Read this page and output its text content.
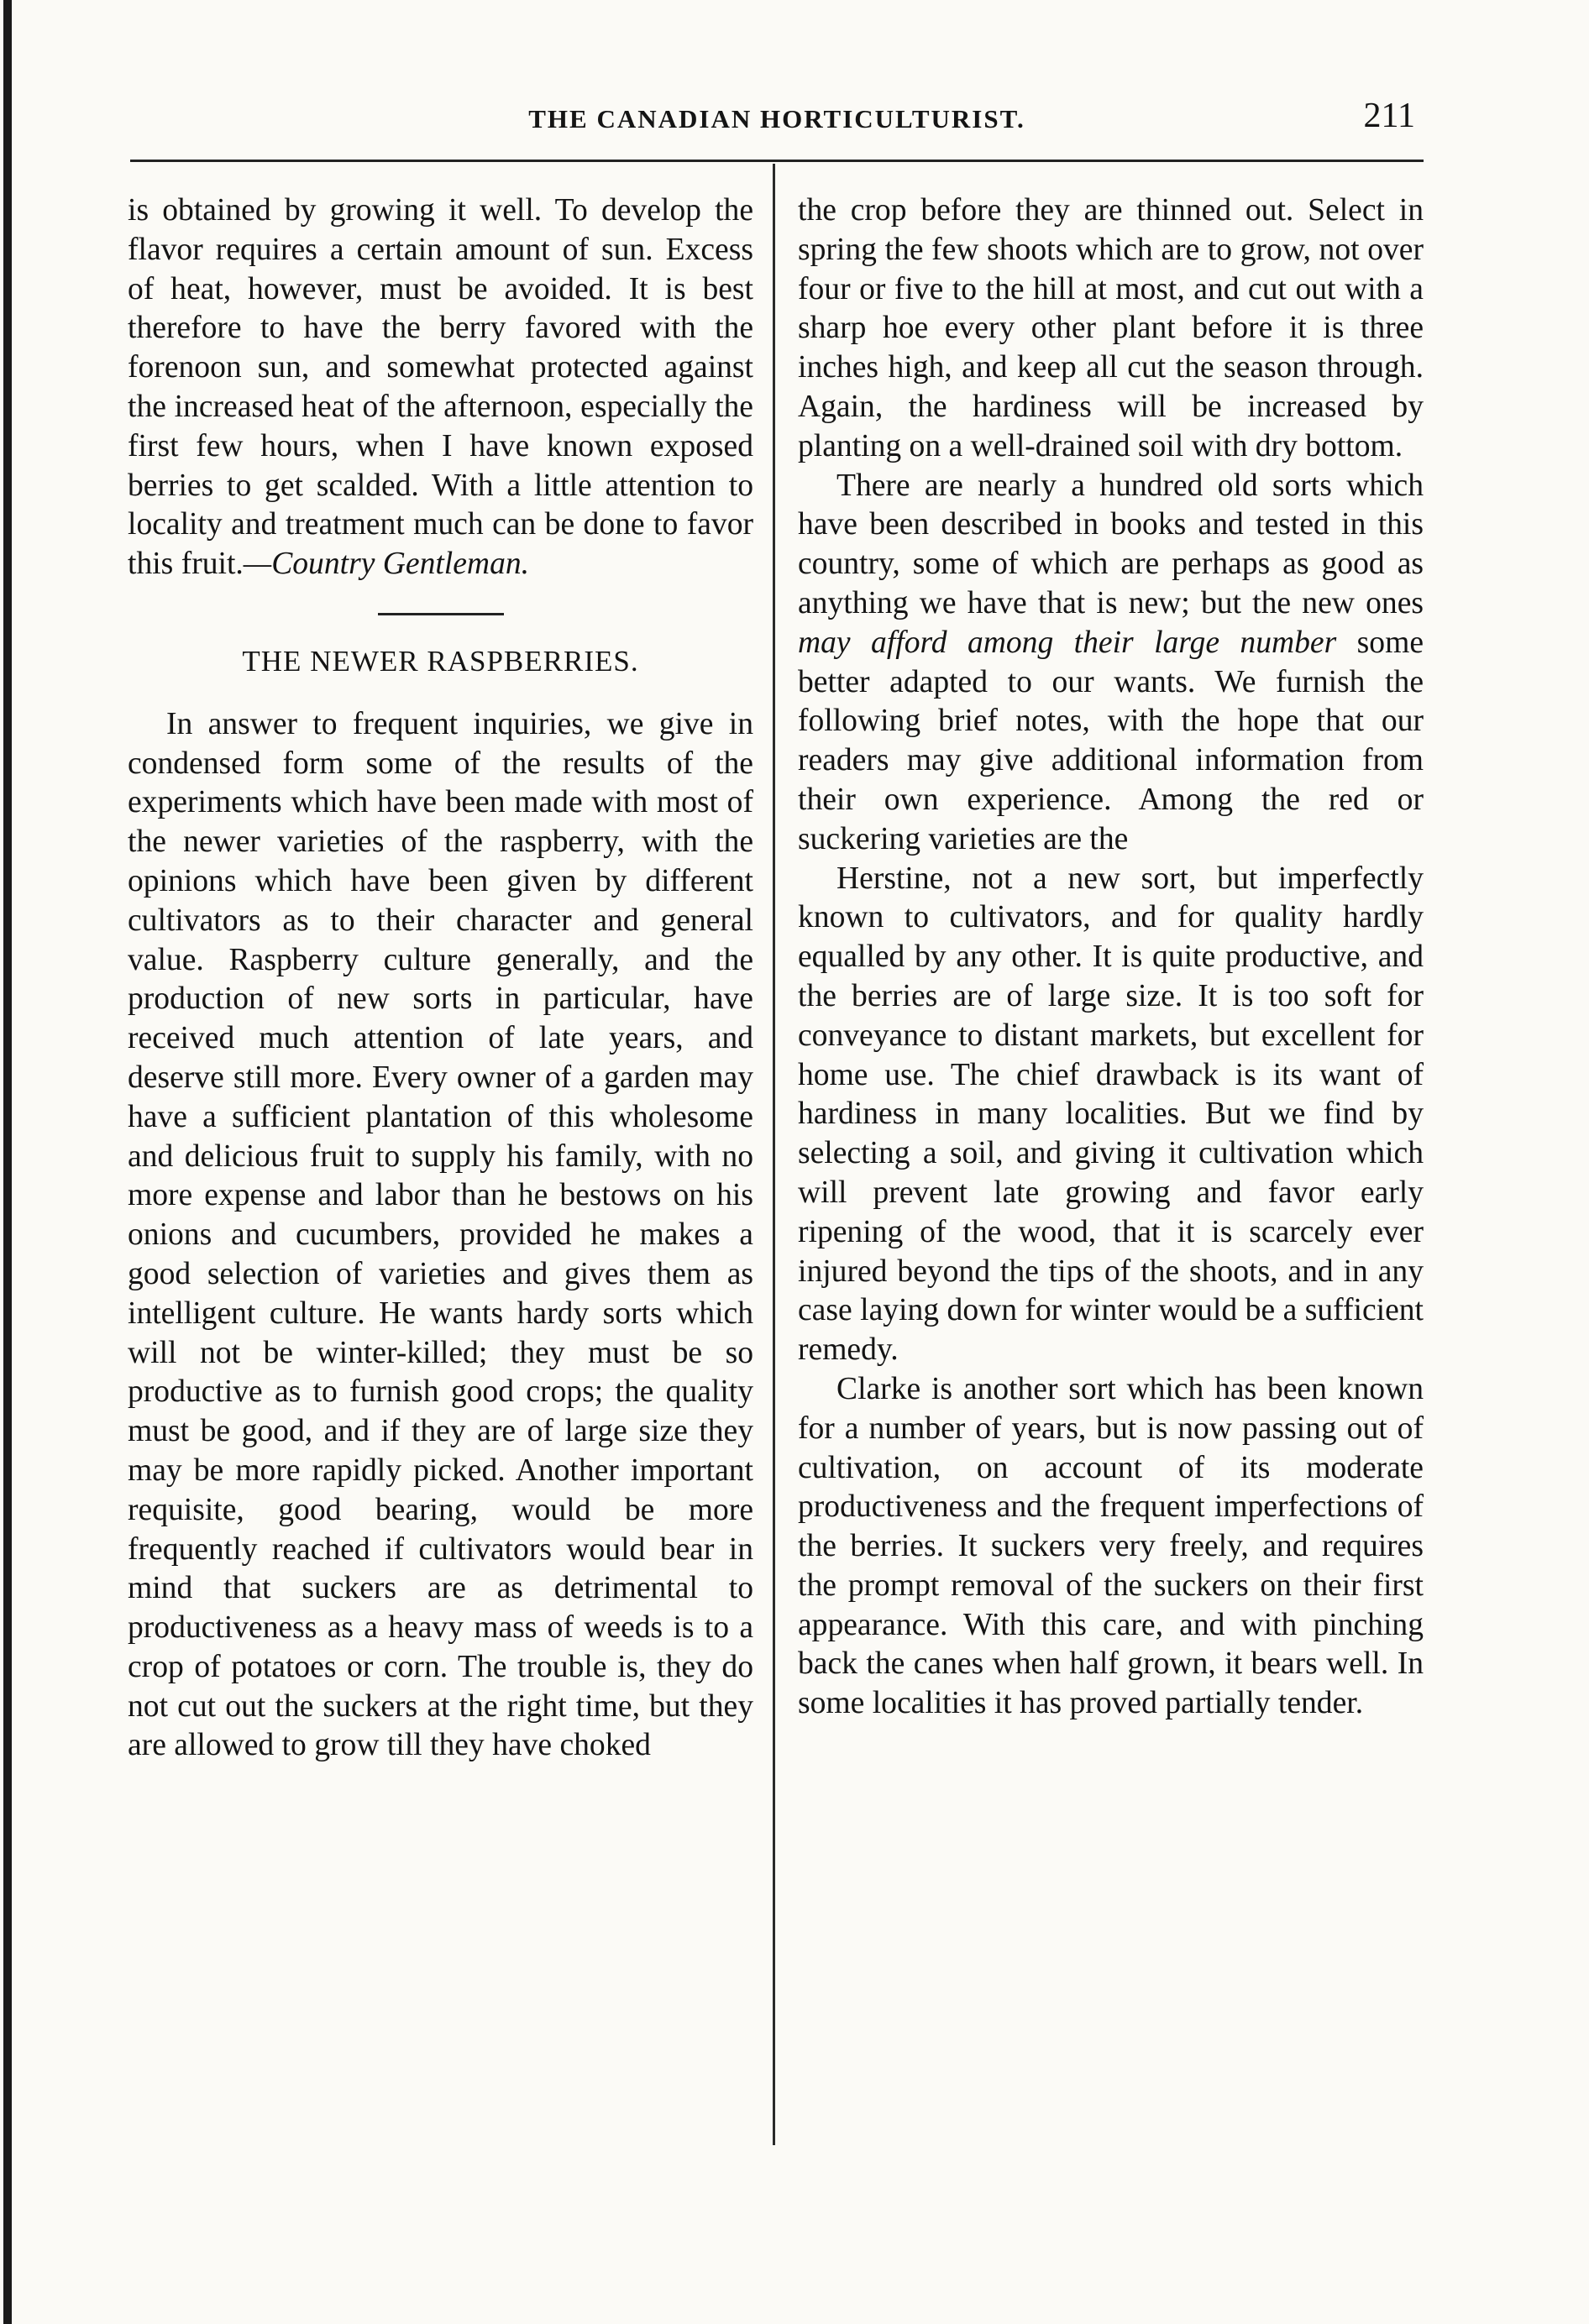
THE CANADIAN HORTICULTURIST.	211

is obtained by growing it well. To develop the flavor requires a certain amount of sun. Excess of heat, however, must be avoided. It is best therefore to have the berry favored with the forenoon sun, and somewhat protected against the increased heat of the afternoon, especially the first few hours, when I have known exposed berries to get scalded. With a little attention to locality and treatment much can be done to favor this fruit.—Country Gentleman.

THE NEWER RASPBERRIES.

In answer to frequent inquiries, we give in condensed form some of the results of the experiments which have been made with most of the newer varieties of the raspberry, with the opinions which have been given by different cultivators as to their character and general value. Raspberry culture generally, and the production of new sorts in particular, have received much attention of late years, and deserve still more. Every owner of a garden may have a sufficient plantation of this wholesome and delicious fruit to supply his family, with no more expense and labor than he bestows on his onions and cucumbers, provided he makes a good selection of varieties and gives them as intelligent culture. He wants hardy sorts which will not be winter-killed; they must be so productive as to furnish good crops; the quality must be good, and if they are of large size they may be more rapidly picked. Another important requisite, good bearing, would be more frequently reached if cultivators would bear in mind that suckers are as detrimental to productiveness as a heavy mass of weeds is to a crop of potatoes or corn. The trouble is, they do not cut out the suckers at the right time, but they are allowed to grow till they have choked

the crop before they are thinned out. Select in spring the few shoots which are to grow, not over four or five to the hill at most, and cut out with a sharp hoe every other plant before it is three inches high, and keep all cut the season through. Again, the hardiness will be increased by planting on a well-drained soil with dry bottom.

There are nearly a hundred old sorts which have been described in books and tested in this country, some of which are perhaps as good as anything we have that is new; but the new ones may afford among their large number some better adapted to our wants. We furnish the following brief notes, with the hope that our readers may give additional information from their own experience. Among the red or suckering varieties are the

Herstine, not a new sort, but imperfectly known to cultivators, and for quality hardly equalled by any other. It is quite productive, and the berries are of large size. It is too soft for conveyance to distant markets, but excellent for home use. The chief drawback is its want of hardiness in many localities. But we find by selecting a soil, and giving it cultivation which will prevent late growing and favor early ripening of the wood, that it is scarcely ever injured beyond the tips of the shoots, and in any case laying down for winter would be a sufficient remedy.

Clarke is another sort which has been known for a number of years, but is now passing out of cultivation, on account of its moderate productiveness and the frequent imperfections of the berries. It suckers very freely, and requires the prompt removal of the suckers on their first appearance. With this care, and with pinching back the canes when half grown, it bears well. In some localities it has proved partially tender.
